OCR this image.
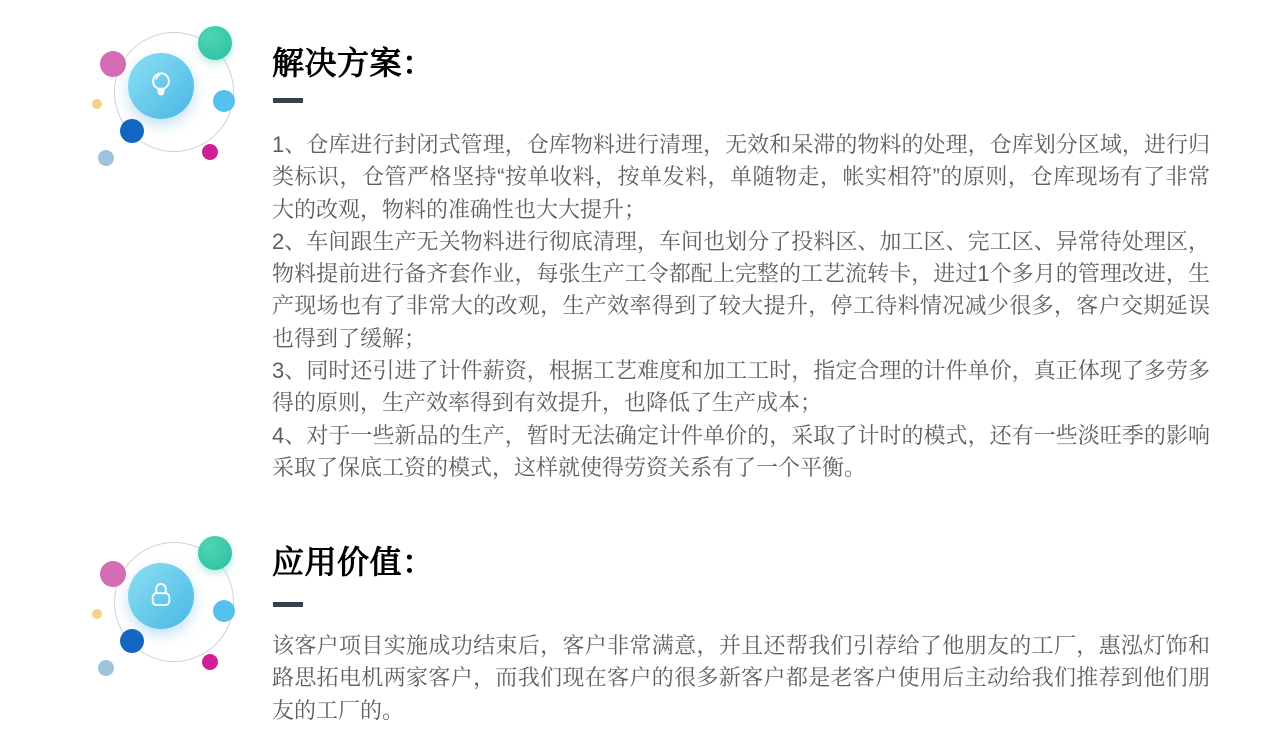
解决方案：

1、仓库进行封闭式管理，仓库物料进行清理，无效和呆滞的物料的处理，仓库划分区域，进行归类标识，仓管严格坚持“按单收料，按单发料，单随物走，帐实相符”的原则，仓库现场有了非常大的改观，物料的准确性也大大提升；

2、车间跟生产无关物料进行彻底清理，车间也划分了投料区、加工区、完工区、异常待处理区，物料提前进行备齐套作业，每张生产工令都配上完整的工艺流转卡，进过1个多月的管理改进，生产现场也有了非常大的改观，生产效率得到了较大提升，停工待料情况减少很多，客户交期延误也得到了缓解；

3、同时还引进了计件薪资，根据工艺难度和加工工时，指定合理的计件单价，真正体现了多劳多得的原则，生产效率得到有效提升，也降低了生产成本；

4、对于一些新品的生产，暂时无法确定计件单价的，采取了计时的模式，还有一些淡旺季的影响采取了保底工资的模式，这样就使得劳资关系有了一个平衡。

应用价值：

该客户项目实施成功结束后，客户非常满意，并且还帮我们引荐给了他朋友的工厂，惠泓灯饰和路思拓电机两家客户，而我们现在客户的很多新客户都是老客户使用后主动给我们推荐到他们朋友的工厂的。
